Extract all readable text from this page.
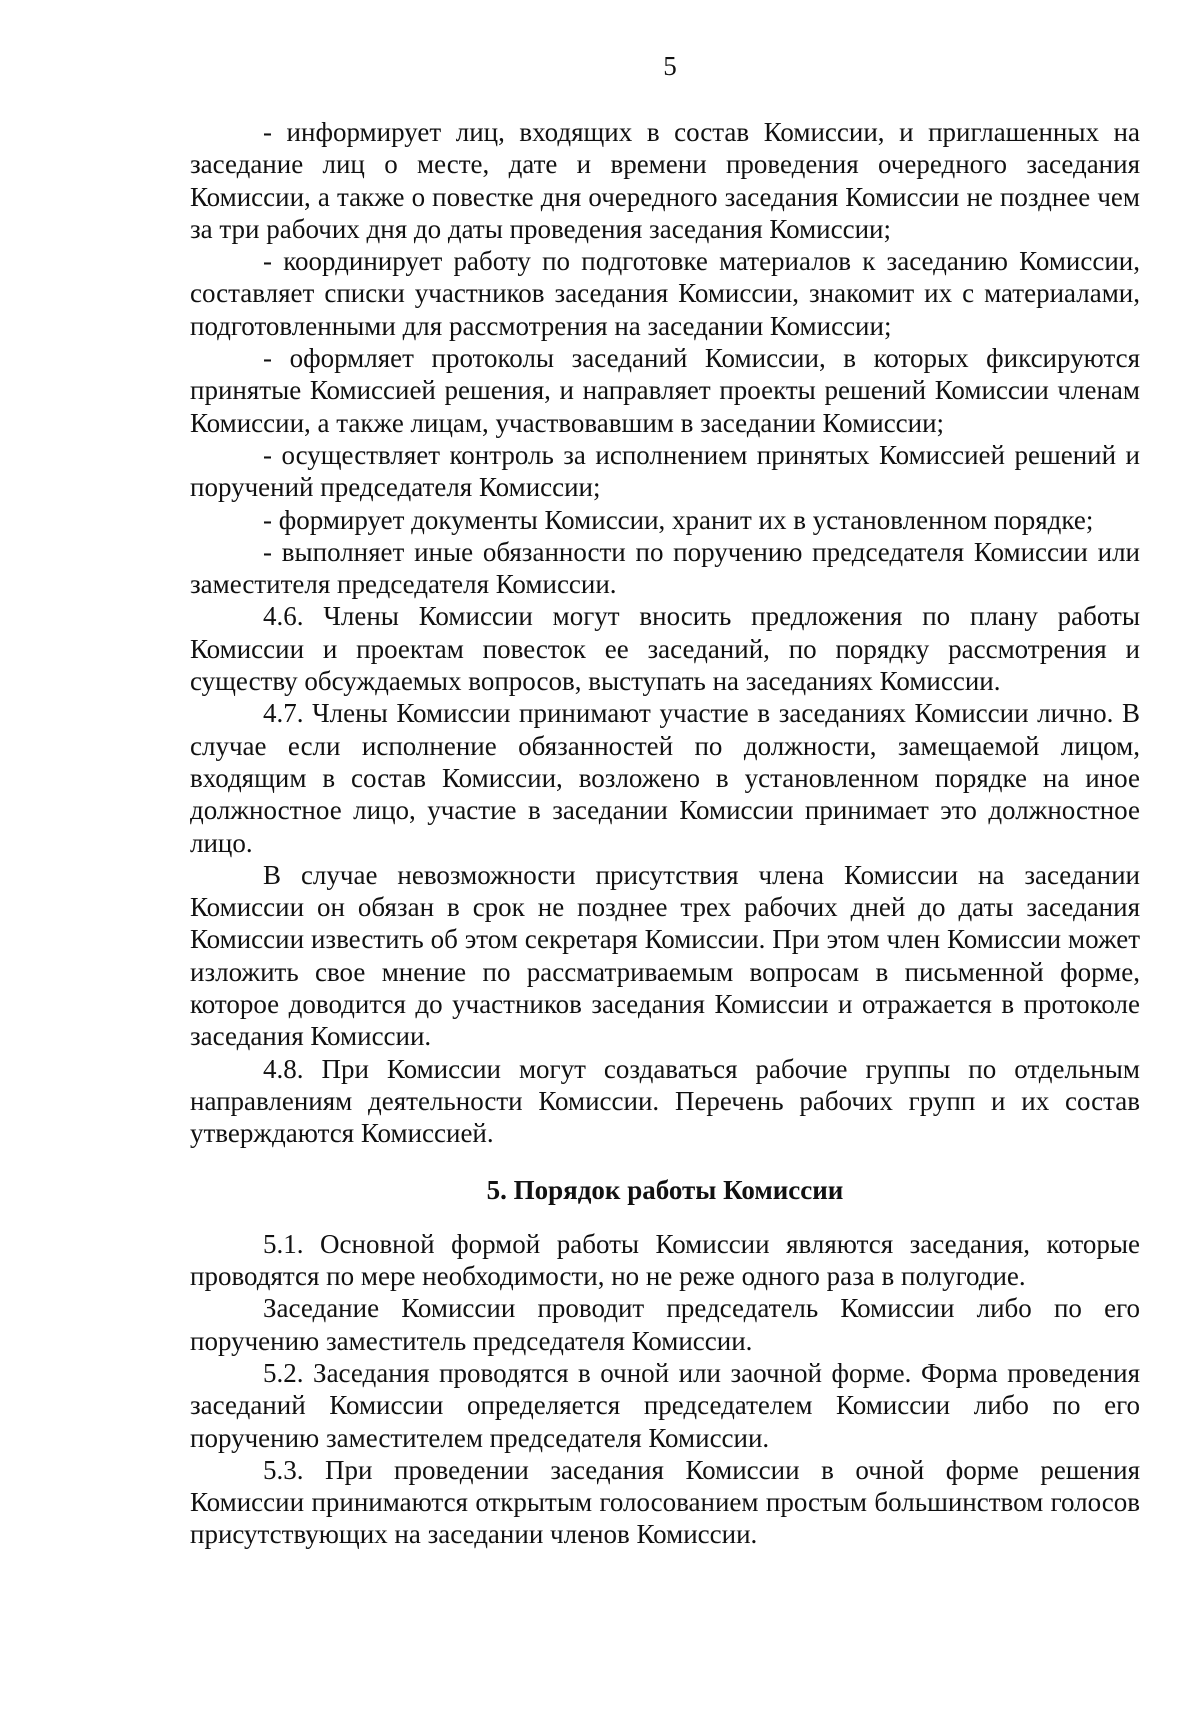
5

- информирует лиц, входящих в состав Комиссии, и приглашенных на заседание лиц о месте, дате и времени проведения очередного заседания Комиссии, а также о повестке дня очередного заседания Комиссии не позднее чем за три рабочих дня до даты проведения заседания Комиссии;

- координирует работу по подготовке материалов к заседанию Комиссии, составляет списки участников заседания Комиссии, знакомит их с материалами, подготовленными для рассмотрения на заседании Комиссии;

- оформляет протоколы заседаний Комиссии, в которых фиксируются принятые Комиссией решения, и направляет проекты решений Комиссии членам Комиссии, а также лицам, участвовавшим в заседании Комиссии;

- осуществляет контроль за исполнением принятых Комиссией решений и поручений председателя Комиссии;

- формирует документы Комиссии, хранит их в установленном порядке;

- выполняет иные обязанности по поручению председателя Комиссии или заместителя председателя Комиссии.

4.6. Члены Комиссии могут вносить предложения по плану работы Комиссии и проектам повесток ее заседаний, по порядку рассмотрения и существу обсуждаемых вопросов, выступать на заседаниях Комиссии.

4.7. Члены Комиссии принимают участие в заседаниях Комиссии лично. В случае если исполнение обязанностей по должности, замещаемой лицом, входящим в состав Комиссии, возложено в установленном порядке на иное должностное лицо, участие в заседании Комиссии принимает это должностное лицо.

В случае невозможности присутствия члена Комиссии на заседании Комиссии он обязан в срок не позднее трех рабочих дней до даты заседания Комиссии известить об этом секретаря Комиссии. При этом член Комиссии может изложить свое мнение по рассматриваемым вопросам в письменной форме, которое доводится до участников заседания Комиссии и отражается в протоколе заседания Комиссии.

4.8. При Комиссии могут создаваться рабочие группы по отдельным направлениям деятельности Комиссии. Перечень рабочих групп и их состав утверждаются Комиссией.

5. Порядок работы Комиссии

5.1. Основной формой работы Комиссии являются заседания, которые проводятся по мере необходимости, но не реже одного раза в полугодие.

Заседание Комиссии проводит председатель Комиссии либо по его поручению заместитель председателя Комиссии.

5.2. Заседания проводятся в очной или заочной форме. Форма проведения заседаний Комиссии определяется председателем Комиссии либо по его поручению заместителем председателя Комиссии.

5.3. При проведении заседания Комиссии в очной форме решения Комиссии принимаются открытым голосованием простым большинством голосов присутствующих на заседании членов Комиссии.
